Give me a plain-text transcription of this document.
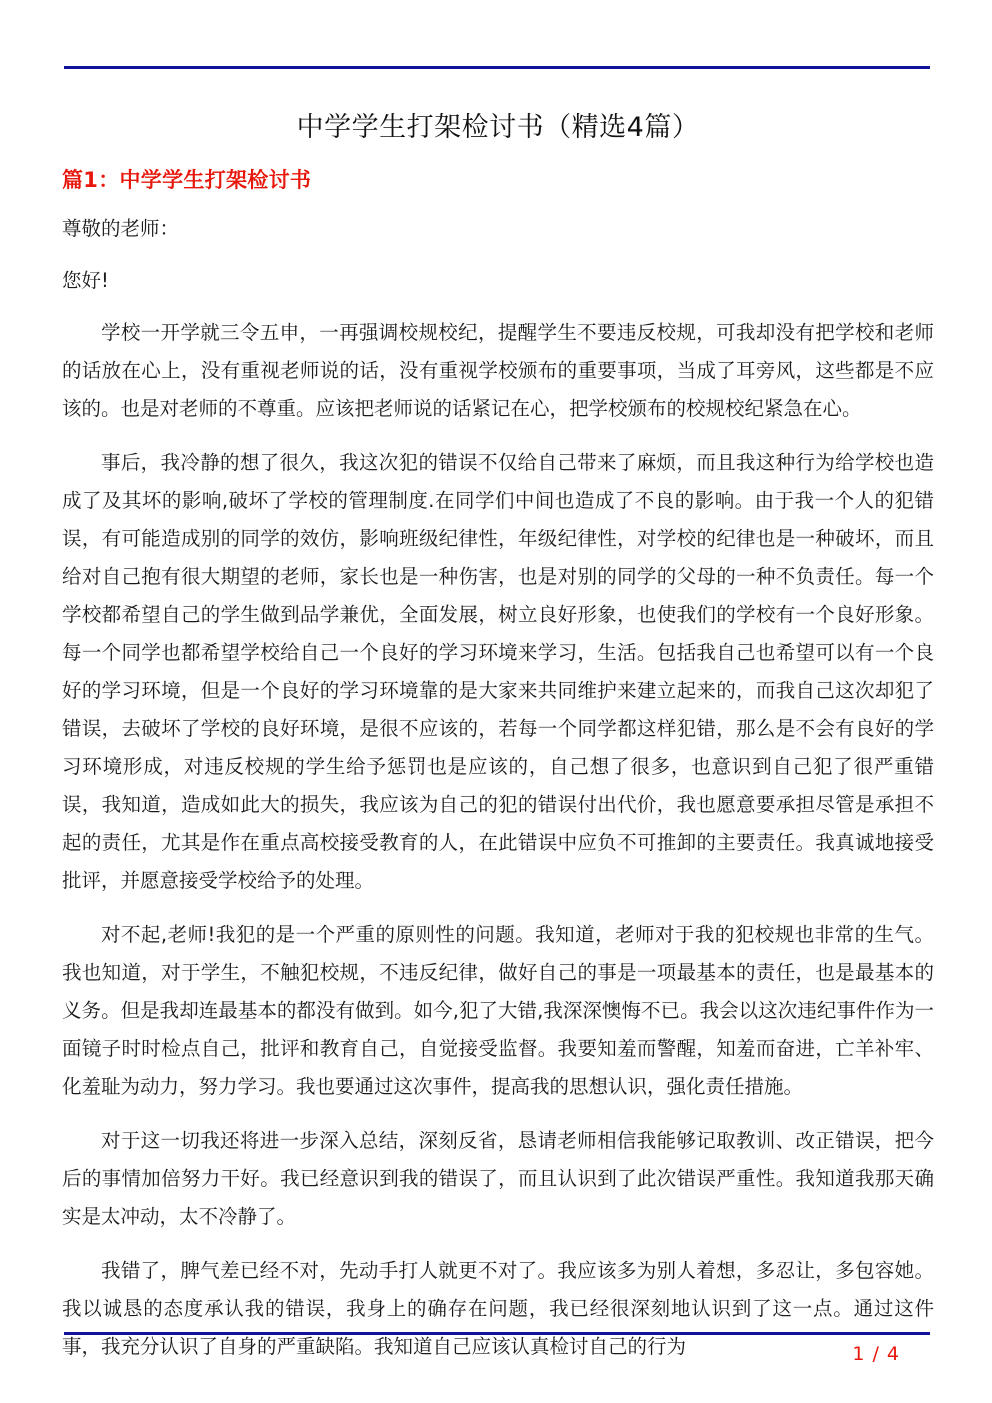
中学学生打架检讨书（精选4篇）
篇1：中学学生打架检讨书

尊敬的老师：

您好!

学校一开学就三令五申，一再强调校规校纪，提醒学生不要违反校规，可我却没有把学校和老师的话放在心上，没有重视老师说的话，没有重视学校颁布的重要事项，当成了耳旁风，这些都是不应该的。也是对老师的不尊重。应该把老师说的话紧记在心，把学校颁布的校规校纪紧急在心。

事后，我冷静的想了很久，我这次犯的错误不仅给自己带来了麻烦，而且我这种行为给学校也造成了及其坏的影响,破坏了学校的管理制度.在同学们中间也造成了不良的影响。由于我一个人的犯错误，有可能造成别的同学的效仿，影响班级纪律性，年级纪律性，对学校的纪律也是一种破坏，而且给对自己抱有很大期望的老师，家长也是一种伤害，也是对别的同学的父母的一种不负责任。每一个学校都希望自己的学生做到品学兼优，全面发展，树立良好形象，也使我们的学校有一个良好形象。每一个同学也都希望学校给自己一个良好的学习环境来学习，生活。包括我自己也希望可以有一个良好的学习环境，但是一个良好的学习环境靠的是大家来共同维护来建立起来的，而我自己这次却犯了错误，去破坏了学校的良好环境，是很不应该的，若每一个同学都这样犯错，那么是不会有良好的学习环境形成，对违反校规的学生给予惩罚也是应该的，自己想了很多，也意识到自己犯了很严重错误，我知道，造成如此大的损失，我应该为自己的犯的错误付出代价，我也愿意要承担尽管是承担不起的责任，尤其是作在重点高校接受教育的人，在此错误中应负不可推卸的主要责任。我真诚地接受批评，并愿意接受学校给予的处理。

对不起,老师!我犯的是一个严重的原则性的问题。我知道，老师对于我的犯校规也非常的生气。我也知道，对于学生，不触犯校规，不违反纪律，做好自己的事是一项最基本的责任，也是最基本的义务。但是我却连最基本的都没有做到。如今,犯了大错,我深深懊悔不已。我会以这次违纪事件作为一面镜子时时检点自己，批评和教育自己，自觉接受监督。我要知羞而警醒，知羞而奋进，亡羊补牢、化羞耻为动力，努力学习。我也要通过这次事件，提高我的思想认识，强化责任措施。

对于这一切我还将进一步深入总结，深刻反省，恳请老师相信我能够记取教训、改正错误，把今后的事情加倍努力干好。我已经意识到我的错误了，而且认识到了此次错误严重性。我知道我那天确实是太冲动，太不冷静了。

我错了，脾气差已经不对，先动手打人就更不对了。我应该多为别人着想，多忍让，多包容她。我以诚恳的态度承认我的错误，我身上的确存在问题，我已经很深刻地认识到了这一点。通过这件事，我充分认识了自身的严重缺陷。我知道自己应该认真检讨自己的行为	1 / 4
